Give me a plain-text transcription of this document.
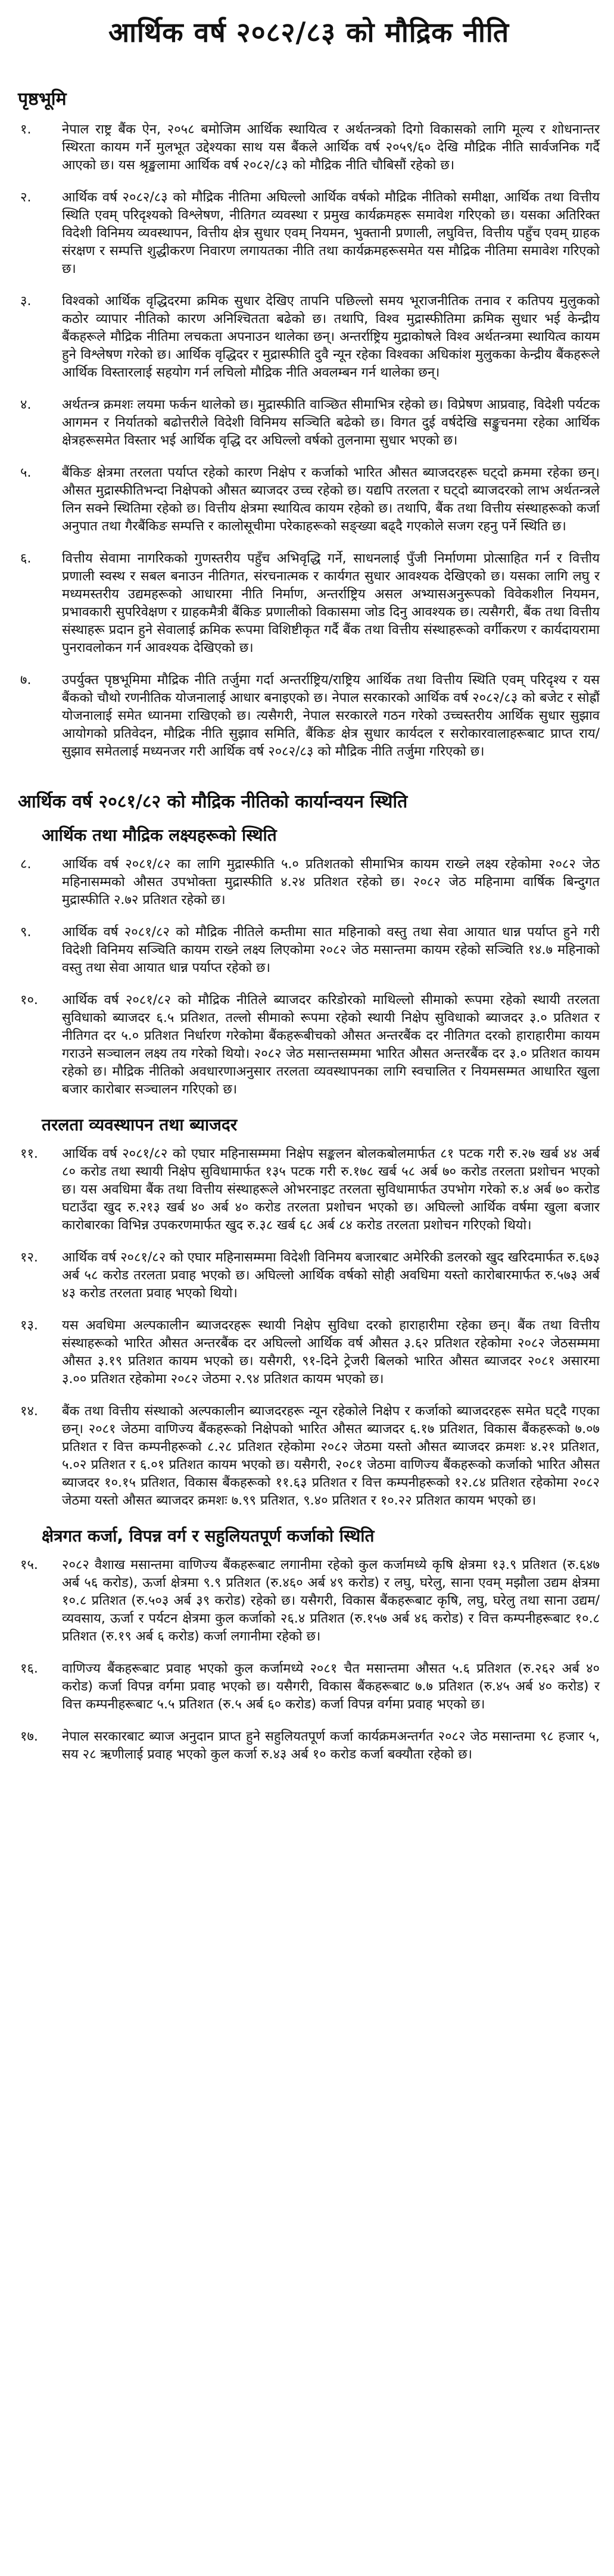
आर्थिक वर्ष २०८२/८३ को मौद्रिक नीति
पृष्ठभूमि
१.	नेपाल राष्ट्र बैंक ऐन, २०५८ बमोजिम आर्थिक स्थायित्व र अर्थतन्त्रको दिगो विकासको लागि मूल्य र शोधनान्तर स्थिरता कायम गर्ने मुलभूत उद्देश्यका साथ यस बैंकले आर्थिक वर्ष २०५९/६० देखि मौद्रिक नीति सार्वजनिक गर्दै आएको छ। यस श्रृङ्खलामा आर्थिक वर्ष २०८२/८३ को मौद्रिक नीति चौबिसौं रहेको छ।
२.	आर्थिक वर्ष २०८२/८३ को मौद्रिक नीतिमा अघिल्लो आर्थिक वर्षको मौद्रिक नीतिको समीक्षा, आर्थिक तथा वित्तीय स्थिति एवम् परिदृश्यको विश्लेषण, नीतिगत व्यवस्था र प्रमुख कार्यक्रमहरू समावेश गरिएको छ। यसका अतिरिक्त विदेशी विनिमय व्यवस्थापन, वित्तीय क्षेत्र सुधार एवम् नियमन, भुक्तानी प्रणाली, लघुवित्त, वित्तीय पहुँच एवम् ग्राहक संरक्षण र सम्पत्ति शुद्धीकरण निवारण लगायतका नीति तथा कार्यक्रमहरूसमेत यस मौद्रिक नीतिमा समावेश गरिएको छ।
३.	विश्वको आर्थिक वृद्धिदरमा क्रमिक सुधार देखिए तापनि पछिल्लो समय भूराजनीतिक तनाव र कतिपय मुलुकको कठोर व्यापार नीतिको कारण अनिश्चितता बढेको छ। तथापि, विश्व मुद्रास्फीतिमा क्रमिक सुधार भई केन्द्रीय बैंकहरूले मौद्रिक नीतिमा लचकता अपनाउन थालेका छन्। अन्तर्राष्ट्रिय मुद्राकोषले विश्व अर्थतन्त्रमा स्थायित्व कायम हुने विश्लेषण गरेको छ। आर्थिक वृद्धिदर र मुद्रास्फीति दुवै न्यून रहेका विश्वका अधिकांश मुलुकका केन्द्रीय बैंकहरूले आर्थिक विस्तारलाई सहयोग गर्न लचिलो मौद्रिक नीति अवलम्बन गर्न थालेका छन्।
४.	अर्थतन्त्र क्रमशः लयमा फर्कन थालेको छ। मुद्रास्फीति वाञ्छित सीमाभित्र रहेको छ। विप्रेषण आप्रवाह, विदेशी पर्यटक आगमन र निर्यातको बढोत्तरीले विदेशी विनिमय सञ्चिति बढेको छ। विगत दुई वर्षदेखि सङ्कुचनमा रहेका आर्थिक क्षेत्रहरूसमेत विस्तार भई आर्थिक वृद्धि दर अघिल्लो वर्षको तुलनामा सुधार भएको छ।
५.	बैंकिङ क्षेत्रमा तरलता पर्याप्त रहेको कारण निक्षेप र कर्जाको भारित औसत ब्याजदरहरू घट्दो क्रममा रहेका छन्। औसत मुद्रास्फीतिभन्दा निक्षेपको औसत ब्याजदर उच्च रहेको छ। यद्यपि तरलता र घट्दो ब्याजदरको लाभ अर्थतन्त्रले लिन सक्ने स्थितिमा रहेको छ। वित्तीय क्षेत्रमा स्थायित्व कायम रहेको छ। तथापि, बैंक तथा वित्तीय संस्थाहरूको कर्जा अनुपात तथा गैरबैंकिङ सम्पत्ति र कालोसूचीमा परेकाहरूको सङ्ख्या बढ्दै गएकोले सजग रहनु पर्ने स्थिति छ।
६.	वित्तीय सेवामा नागरिकको गुणस्तरीय पहुँच अभिवृद्धि गर्ने, साधनलाई पुँजी निर्माणमा प्रोत्साहित गर्न र वित्तीय प्रणाली स्वस्थ र सबल बनाउन नीतिगत, संरचनात्मक र कार्यगत सुधार आवश्यक देखिएको छ। यसका लागि लघु र मध्यमस्तरीय उद्यमहरूको आधारमा नीति निर्माण, अन्तर्राष्ट्रिय असल अभ्यासअनुरूपको विवेकशील नियमन, प्रभावकारी सुपरिवेक्षण र ग्राहकमैत्री बैंकिङ प्रणालीको विकासमा जोड दिनु आवश्यक छ। त्यसैगरी, बैंक तथा वित्तीय संस्थाहरू प्रदान हुने सेवालाई क्रमिक रूपमा विशिष्टीकृत गर्दै बैंक तथा वित्तीय संस्थाहरूको वर्गीकरण र कार्यदायरामा पुनरावलोकन गर्न आवश्यक देखिएको छ।
७.	उपर्युक्त पृष्ठभूमिमा मौद्रिक नीति तर्जुमा गर्दा अन्तर्राष्ट्रिय/राष्ट्रिय आर्थिक तथा वित्तीय स्थिति एवम् परिदृश्य र यस बैंकको चौथो रणनीतिक योजनालाई आधार बनाइएको छ। नेपाल सरकारको आर्थिक वर्ष २०८२/८३ को बजेट र सोह्रौं योजनालाई समेत ध्यानमा राखिएको छ। त्यसैगरी, नेपाल सरकारले गठन गरेको उच्चस्तरीय आर्थिक सुधार सुझाव आयोगको प्रतिवेदन, मौद्रिक नीति सुझाव समिति, बैंकिङ क्षेत्र सुधार कार्यदल र सरोकारवालाहरूबाट प्राप्त राय/सुझाव समेतलाई मध्यनजर गरी आर्थिक वर्ष २०८२/८३ को मौद्रिक नीति तर्जुमा गरिएको छ।
आर्थिक वर्ष २०८१/८२ को मौद्रिक नीतिको कार्यान्वयन स्थिति
आर्थिक तथा मौद्रिक लक्ष्यहरूको स्थिति
८.	आर्थिक वर्ष २०८१/८२ का लागि मुद्रास्फीति ५.० प्रतिशतको सीमाभित्र कायम राख्ने लक्ष्य रहेकोमा २०८२ जेठ महिनासम्मको औसत उपभोक्ता मुद्रास्फीति ४.२४ प्रतिशत रहेको छ। २०८२ जेठ महिनामा वार्षिक बिन्दुगत मुद्रास्फीति २.७२ प्रतिशत रहेको छ।
९.	आर्थिक वर्ष २०८१/८२ को मौद्रिक नीतिले कम्तीमा सात महिनाको वस्तु तथा सेवा आयात धान्न पर्याप्त हुने गरी विदेशी विनिमय सञ्चिति कायम राख्ने लक्ष्य लिएकोमा २०८२ जेठ मसान्तमा कायम रहेको सञ्चिति १४.७ महिनाको वस्तु तथा सेवा आयात धान्न पर्याप्त रहेको छ।
१०.	आर्थिक वर्ष २०८१/८२ को मौद्रिक नीतिले ब्याजदर करिडोरको माथिल्लो सीमाको रूपमा रहेको स्थायी तरलता सुविधाको ब्याजदर ६.५ प्रतिशत, तल्लो सीमाको रूपमा रहेको स्थायी निक्षेप सुविधाको ब्याजदर ३.० प्रतिशत र नीतिगत दर ५.० प्रतिशत निर्धारण गरेकोमा बैंकहरूबीचको औसत अन्तरबैंक दर नीतिगत दरको हाराहारीमा कायम गराउने सञ्चालन लक्ष्य तय गरेको थियो। २०८२ जेठ मसान्तसम्ममा भारित औसत अन्तरबैंक दर ३.० प्रतिशत कायम रहेको छ। मौद्रिक नीतिको अवधारणाअनुसार तरलता व्यवस्थापनका लागि स्वचालित र नियमसम्मत आधारित खुला बजार कारोबार सञ्चालन गरिएको छ।
तरलता व्यवस्थापन तथा ब्याजदर
११.	आर्थिक वर्ष २०८१/८२ को एघार महिनासम्ममा निक्षेप सङ्कलन बोलकबोलमार्फत ८१ पटक गरी रु.२७ खर्ब ४४ अर्ब ८० करोड तथा स्थायी निक्षेप सुविधामार्फत १३५ पटक गरी रु.१७८ खर्ब ५८ अर्ब ७० करोड तरलता प्रशोचन भएको छ। यस अवधिमा बैंक तथा वित्तीय संस्थाहरूले ओभरनाइट तरलता सुविधामार्फत उपभोग गरेको रु.४ अर्ब ७० करोड घटाउँदा खुद रु.२१३ खर्ब ४० अर्ब ४० करोड तरलता प्रशोचन भएको छ। अघिल्लो आर्थिक वर्षमा खुला बजार कारोबारका विभिन्न उपकरणमार्फत खुद रु.३८ खर्ब ६८ अर्ब ८४ करोड तरलता प्रशोचन गरिएको थियो।
१२.	आर्थिक वर्ष २०८१/८२ को एघार महिनासम्ममा विदेशी विनिमय बजारबाट अमेरिकी डलरको खुद खरिदमार्फत रु.६७३ अर्ब ५८ करोड तरलता प्रवाह भएको छ। अघिल्लो आर्थिक वर्षको सोही अवधिमा यस्तो कारोबारमार्फत रु.५७३ अर्ब ४३ करोड तरलता प्रवाह भएको थियो।
१३.	यस अवधिमा अल्पकालीन ब्याजदरहरू स्थायी निक्षेप सुविधा दरको हाराहारीमा रहेका छन्। बैंक तथा वित्तीय संस्थाहरूको भारित औसत अन्तरबैंक दर अघिल्लो आर्थिक वर्ष औसत ३.६२ प्रतिशत रहेकोमा २०८२ जेठसम्ममा औसत ३.१९ प्रतिशत कायम भएको छ। यसैगरी, ९१-दिने ट्रेजरी बिलको भारित औसत ब्याजदर २०८१ असारमा ३.०० प्रतिशत रहेकोमा २०८२ जेठमा २.९४ प्रतिशत कायम भएको छ।
१४.	बैंक तथा वित्तीय संस्थाको अल्पकालीन ब्याजदरहरू न्यून रहेकोले निक्षेप र कर्जाको ब्याजदरहरू समेत घट्दै गएका छन्। २०८१ जेठमा वाणिज्य बैंकहरूको निक्षेपको भारित औसत ब्याजदर ६.१७ प्रतिशत, विकास बैंकहरूको ७.०७ प्रतिशत र वित्त कम्पनीहरूको ८.२८ प्रतिशत रहेकोमा २०८२ जेठमा यस्तो औसत ब्याजदर क्रमशः ४.२१ प्रतिशत, ५.०२ प्रतिशत र ६.०१ प्रतिशत कायम भएको छ। यसैगरी, २०८१ जेठमा वाणिज्य बैंकहरूको कर्जाको भारित औसत ब्याजदर १०.१५ प्रतिशत, विकास बैंकहरूको ११.६३ प्रतिशत र वित्त कम्पनीहरूको १२.८४ प्रतिशत रहेकोमा २०८२ जेठमा यस्तो औसत ब्याजदर क्रमशः ७.९९ प्रतिशत, ९.४० प्रतिशत र १०.२२ प्रतिशत कायम भएको छ।
क्षेत्रगत कर्जा, विपन्न वर्ग र सहुलियतपूर्ण कर्जाको स्थिति
१५.	२०८२ वैशाख मसान्तमा वाणिज्य बैंकहरूबाट लगानीमा रहेको कुल कर्जामध्ये कृषि क्षेत्रमा १३.९ प्रतिशत (रु.६४७ अर्ब ५६ करोड), ऊर्जा क्षेत्रमा ९.९ प्रतिशत (रु.४६० अर्ब ४९ करोड) र लघु, घरेलु, साना एवम् मझौला उद्यम क्षेत्रमा १०.८ प्रतिशत (रु.५०३ अर्ब ३९ करोड) रहेको छ। यसैगरी, विकास बैंकहरूबाट कृषि, लघु, घरेलु तथा साना उद्यम/व्यवसाय, ऊर्जा र पर्यटन क्षेत्रमा कुल कर्जाको २६.४ प्रतिशत (रु.१५७ अर्ब ४६ करोड) र वित्त कम्पनीहरूबाट १०.८ प्रतिशत (रु.१९ अर्ब ६ करोड) कर्जा लगानीमा रहेको छ।
१६.	वाणिज्य बैंकहरूबाट प्रवाह भएको कुल कर्जामध्ये २०८१ चैत मसान्तमा औसत ५.६ प्रतिशत (रु.२६२ अर्ब ४० करोड) कर्जा विपन्न वर्गमा प्रवाह भएको छ। यसैगरी, विकास बैंकहरूबाट ७.७ प्रतिशत (रु.४५ अर्ब ४० करोड) र वित्त कम्पनीहरूबाट ५.५ प्रतिशत (रु.५ अर्ब ६० करोड) कर्जा विपन्न वर्गमा प्रवाह भएको छ।
१७.	नेपाल सरकारबाट ब्याज अनुदान प्राप्त हुने सहुलियतपूर्ण कर्जा कार्यक्रमअन्तर्गत २०८२ जेठ मसान्तमा ९८ हजार ५, सय २८ ऋणीलाई प्रवाह भएको कुल कर्जा रु.४३ अर्ब १० करोड कर्जा बक्यौता रहेको छ।
